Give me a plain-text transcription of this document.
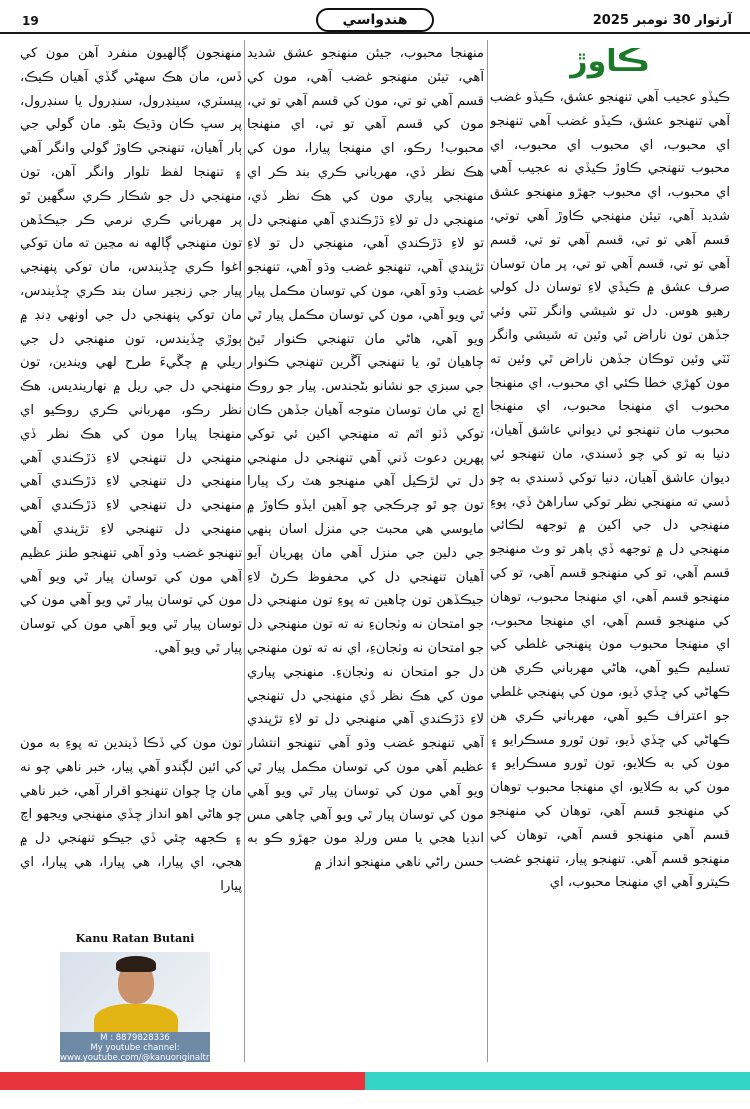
19	هندواسي	آرتوار 30 نومبر 2025
ڪاوڙ

ڪيڏو عجيب آهي تنهنجو عشق، ڪيڏو غضب آهي تنهنجو عشق، ڪيڏو غضب آهي تنهنجو اي محبوب، اي محبوب اي محبوب، اي محبوب تنهنجي ڪاوڙ ڪيڏي نه عجيب آهي اي محبوب، اي محبوب جهڙو منهنجو عشق شديد آهي، تيئن منهنجي ڪاوڙ آهي توتي، قسم آهي تو تي، قسم آهي تو تي، قسم آهي تو تي، قسم آهي تو تي، پر مان توسان صرف عشق ۾ ڪيڏي لاءِ توسان دل کولي رهيو هوس. دل تو شيشي وانگر ٽٽي وئي جڏهن تون ناراض ٿي وئين ته شيشي وانگر ٽٽي وئين توڪان جڏهن ناراض ٿي وئين ته مون کهڙي خطا ڪئي اي محبوب، اي منهنجا محبوب اي منهنجا محبوب، اي منهنجا محبوب مان تنهنجو ئي ديواني عاشق آهيان، دنيا به تو کي چو ڏسندي، مان تنهنجو ئي ديوان عاشق آهيان، دنيا توکي ڏسندي به چو ڏسي ته منهنجي نظر توکي ساراهڻ ڏي، پوءِ منهنجي دل جي اکين ۾ توجهه لڪائي منهنجي دل ۾ توجهه ڏي ٻاهر تو وٽ منهنجو قسم آهي، تو کي منهنجو قسم آهي، تو کي منهنجو قسم آهي، اي منهنجا محبوب، توهان کي منهنجو قسم آهي، اي منهنجا محبوب، اي منهنجا محبوب مون پنهنجي غلطي کي تسليم ڪيو آهي، هاڻي مهرباني ڪري هن ڪهاڻي کي ڇڏي ڏيو، مون کي پنهنجي غلطي جو اعتراف ڪيو آهي، مهرباني ڪري هن ڪهاڻي کي ڇڏي ڏيو، تون ٿورو مسڪرايو ۽ مون کي به ڪلايو، تون ٿورو مسڪرايو ۽ مون کي به ڪلايو، اي منهنجا محبوب توهان کي منهنجو قسم آهي، توهان کي منهنجو قسم آهي منهنجو قسم آهي، توهان کي منهنجو قسم آهي. تنهنجو پيار، تنهنجو غضب ڪيترو آهي اي منهنجا محبوب، اي

منهنجا محبوب، جيئن منهنجو عشق شديد آهي، تيئن منهنجو غضب آهي، مون کي قسم آهي تو تي، مون کي قسم آهي تو تي، مون کي قسم آهي تو تي، اي منهنجا محبوب! رڪو، اي منهنجا پيارا، مون کي هڪ نظر ڏي، مهرباني ڪري بند ڪر اي منهنجي پياري مون کي هڪ نظر ڏي، منهنجي دل تو لاءِ ڌڙڪندي آهي منهنجي دل تو لاءِ ڌڙڪندي آهي، منهنجي دل تو لاءِ تڙپندي آهي، تنهنجو غضب وڌو آهي، تنهنجو غضب وڌو آهي، مون کي توسان مڪمل پيار ٿي ويو آهي، مون کي توسان مڪمل پيار ٿي ويو آهي، هاڻي مان تنهنجي ڪنوار ٿيڻ چاهيان ٿو، يا تنهنجي آڱرين تنهنجي ڪنوار جي سبزي جو نشانو بڻجندس. پيار جو روڪ اچ ئي مان توسان متوجه آهيان جڏهن ڪان توکي ڏٺو اٿم ته منهنجي اکين ئي توکي پهرين دعوت ڏني آهي تنهنجي دل منهنجي دل تي لڙڪيل آهي منهنجو هٽ رک پيارا تون چو ٿو چرڪجي چو آهين ايڏو ڪاوڙ ۾ مايوسي هي محبت جي منزل اسان ٻنهي جي دلين جي منزل آهي مان پهريان آيو آهيان تنهنجي دل کي محفوظ ڪرڻ لاءِ جيڪڏهن تون چاهين ته پوءِ تون منهنجي دل جو امتحان نه وٺجانءِ نه ته تون منهنجي دل جو امتحان نه وٺجانءِ، اي نه ته تون منهنجي دل جو امتحان نه وٺجانءِ. منهنجي پياري مون کي هڪ نظر ڏي منهنجي دل تنهنجي لاءِ ڌڙڪندي آهي منهنجي دل تو لاءِ تڙپندي آهي تنهنجو غضب وڌو آهي تنهنجو انتشار عظيم آهي مون کي توسان مڪمل پيار ٿي ويو آهي مون کي توسان پيار ٿي ويو آهي مون کي توسان پيار ٿي ويو آهي چاهي مس انڊيا هجي يا مس ورلڊ مون جهڙو ڪو به حسن راڻي ناهي منهنجو انداز ۾

منهنجون ڳالهيون منفرد آهن مون کي ڏس، مان هڪ سهڻي گڏي آهيان ڪيڪ، پيسٽري، سينڊرول، سنڊرول يا سنڊرول، پر سڀ ڪان وڌيڪ بڻو. مان گولي جي ٻار آهيان، تنهنجي ڪاوڙ گولي وانگر آهي ۽ تنهنجا لفظ تلوار وانگر آهن، تون منهنجي دل جو شڪار ڪري سگهين ٿو پر مهرباني ڪري نرمي ڪر جيڪڏهن تون منهنجي ڳالهه نه مڃين ته مان توکي اغوا ڪري ڇڏيندس، مان توکي پنهنجي پيار جي زنجير سان بند ڪري ڇڏيندس، مان توکي پنهنجي دل جي اونهي ڊنڊ ۾ ٻوڙي ڇڏيندس، تون منهنجي دل جي ريلي ۾ چڱيءَ طرح لهي ويندين، تون منهنجي دل جي ريل ۾ نهارينديس. هڪ نظر رڪو، مهرباني ڪري روڪيو اي منهنجا پيارا مون کي هڪ نظر ڏي منهنجي دل تنهنجي لاءِ ڌڙڪندي آهي منهنجي دل تنهنجي لاءِ ڌڙڪندي آهي منهنجي دل تنهنجي لاءِ ڌڙڪندي آهي منهنجي دل تنهنجي لاءِ تڙپندي آهي تنهنجو غضب وڌو آهي تنهنجو طنز عظيم آهي مون کي توسان پيار ٿي ويو آهي مون کي توسان پيار ٿي ويو آهي مون کي توسان پيار ٿي ويو آهي مون کي توسان پيار ٿي ويو آهي.

تون مون کي ڏڪا ڏيندين ته پوءِ به مون کي ائين لڳندو آهي پيار، خبر ناهي چو نه مان ڇا چوان تنهنجو اقرار آهي، خبر ناهي چو هاڻي اهو انداز ڇڏي منهنجي ويجهو اچ ۽ ڪجهه چئي ڏي جيڪو تنهنجي دل ۾ هجي، اي پيارا، هي پيارا، هي پيارا، اي پيارا

Kanu Ratan Butani
M : 8879828336
My youtube channel:
www.youtube.com/@kanuoriginaltracks
